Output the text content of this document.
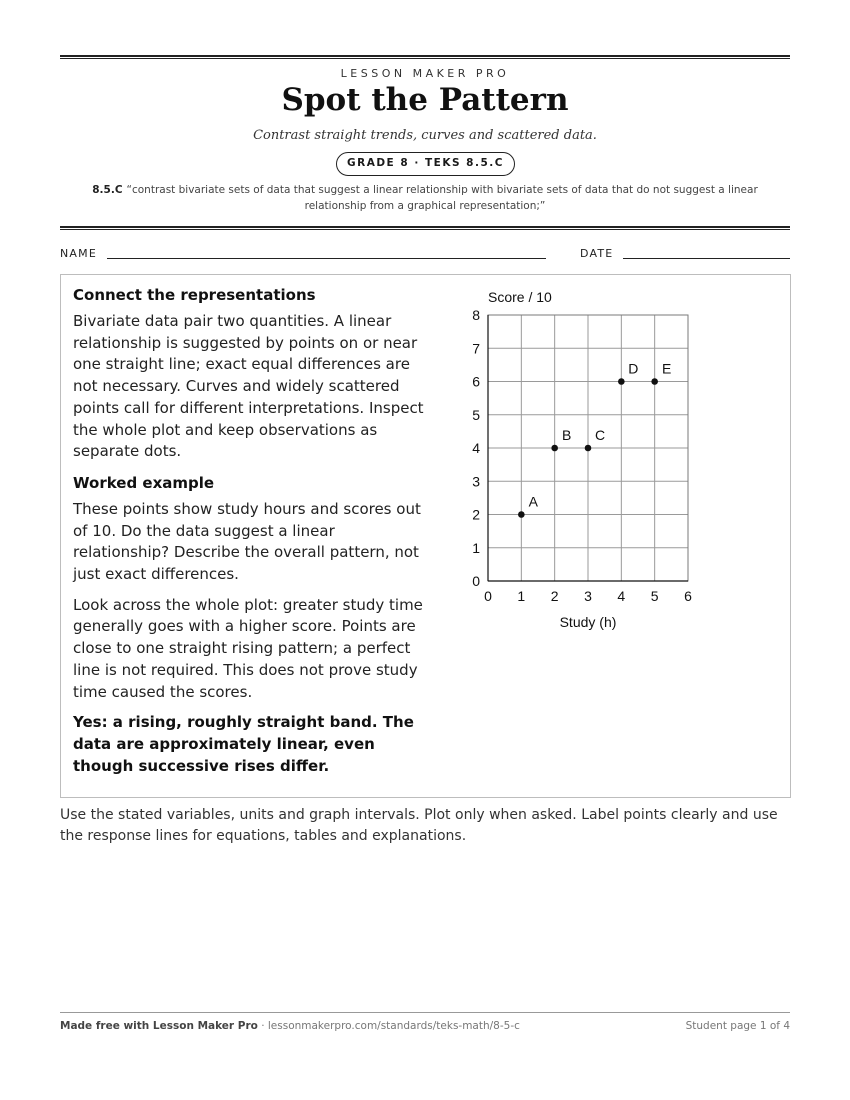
LESSON MAKER PRO
Spot the Pattern
Contrast straight trends, curves and scattered data.
GRADE 8 · TEKS 8.5.C
8.5.C “contrast bivariate sets of data that suggest a linear relationship with bivariate sets of data that do not suggest a linear relationship from a graphical representation;”
NAME	DATE
Connect the representations

Bivariate data pair two quantities. A linear relationship is suggested by points on or near one straight line; exact equal differences are not necessary. Curves and widely scattered points call for different interpretations. Inspect the whole plot and keep observations as separate dots.

Worked example

These points show study hours and scores out of 10. Do the data suggest a linear relationship? Describe the overall pattern, not just exact differences.

Look across the whole plot: greater study time generally goes with a higher score. Points are close to one straight rising pattern; a perfect line is not required. This does not prove study time caused the scores.

Yes: a rising, roughly straight band. The data are approximately linear, even though successive rises differ.

0 1 2 3 4 5 6
0
1
2
3
4
5
6
7
8
Score / 10
Study (h)
A
B C
D E
Use the stated variables, units and graph intervals. Plot only when asked. Label points clearly and use the response lines for equations, tables and explanations.
Made free with Lesson Maker Pro · lessonmakerpro.com/standards/teks-math/8-5-c	Student page 1 of 4
